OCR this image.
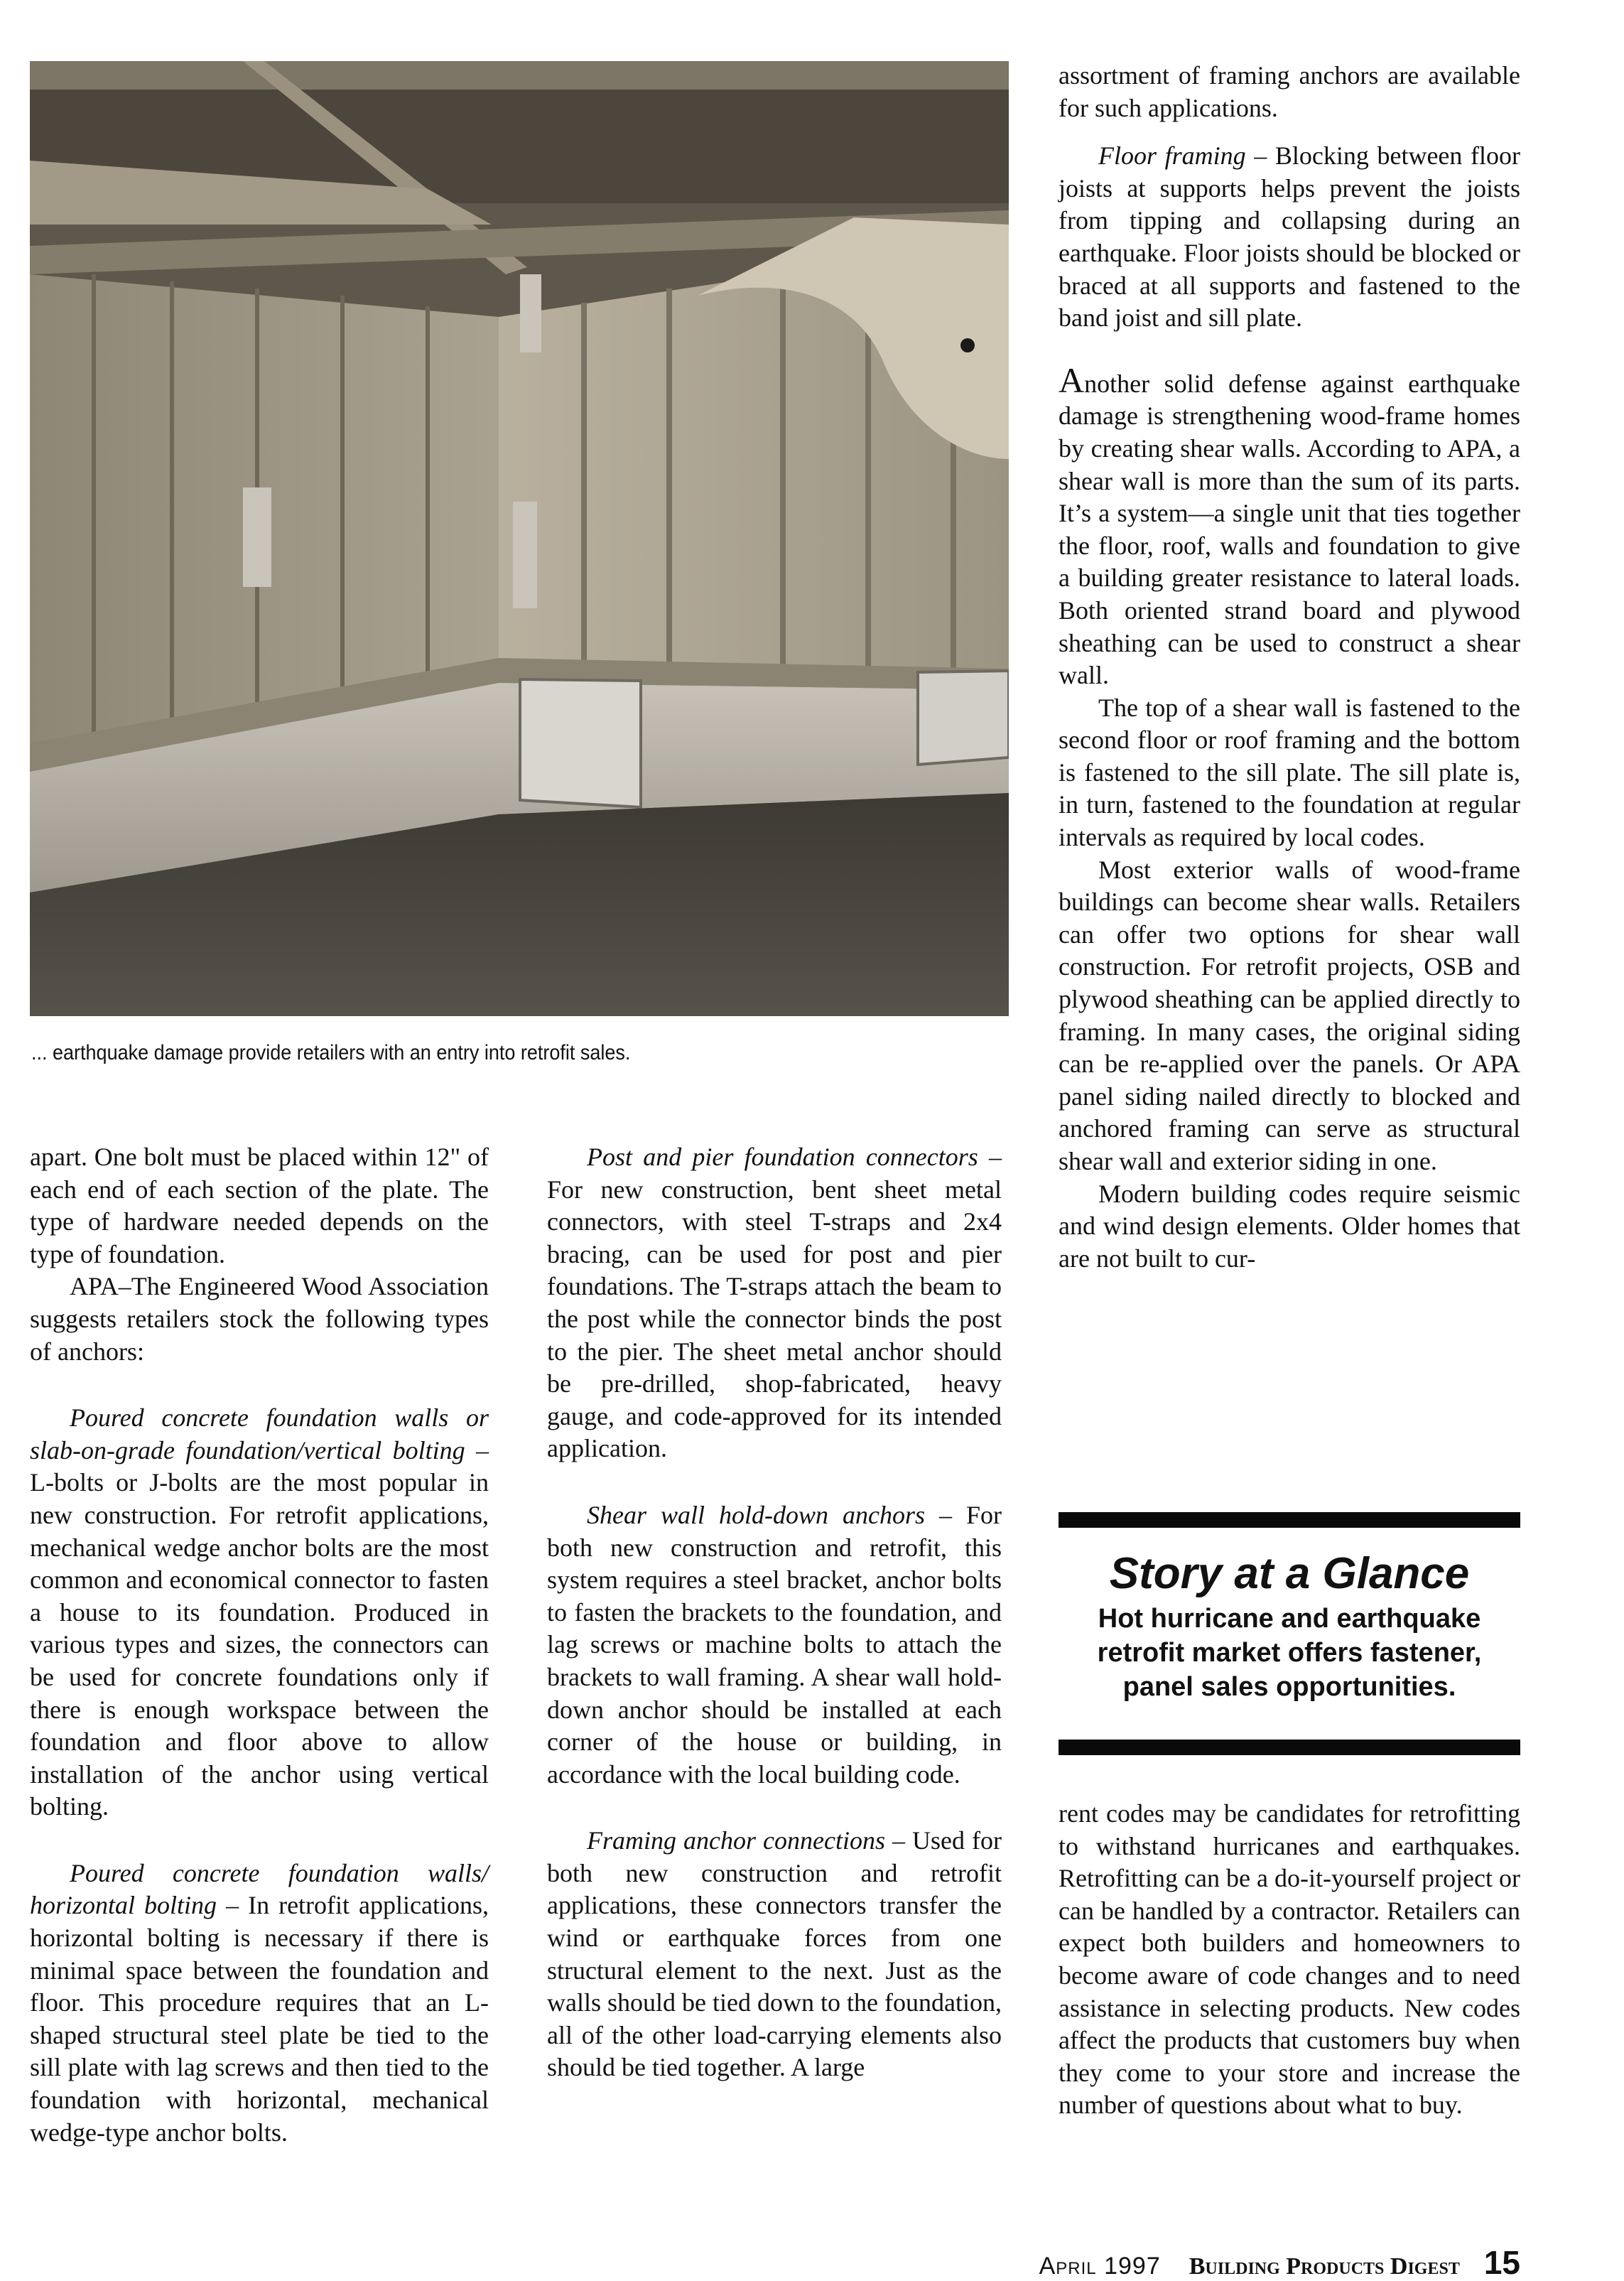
... earthquake damage provide retailers with an entry into retrofit sales.

apart. One bolt must be placed within 12" of each end of each section of the plate. The type of hardware needed depends on the type of foundation.

APA–The Engineered Wood Association suggests retailers stock the following types of anchors:

Poured concrete foundation walls or slab-on-grade foundation/vertical bolting – L-bolts or J-bolts are the most popular in new construction. For retrofit applications, mechanical wedge anchor bolts are the most common and economical connector to fasten a house to its foundation. Produced in various types and sizes, the connectors can be used for concrete foundations only if there is enough workspace between the foundation and floor above to allow installation of the anchor using vertical bolting.

Poured concrete foundation walls/ horizontal bolting – In retrofit applications, horizontal bolting is necessary if there is minimal space between the foundation and floor. This procedure requires that an L-shaped structural steel plate be tied to the sill plate with lag screws and then tied to the foundation with horizontal, mechanical wedge-type anchor bolts.

Post and pier foundation connectors – For new construction, bent sheet metal connectors, with steel T-straps and 2x4 bracing, can be used for post and pier foundations. The T-straps attach the beam to the post while the connector binds the post to the pier. The sheet metal anchor should be pre-drilled, shop-fabricated, heavy gauge, and code-approved for its intended application.

Shear wall hold-down anchors – For both new construction and retrofit, this system requires a steel bracket, anchor bolts to fasten the brackets to the foundation, and lag screws or machine bolts to attach the brackets to wall framing. A shear wall hold-down anchor should be installed at each corner of the house or building, in accordance with the local building code.

Framing anchor connections – Used for both new construction and retrofit applications, these connectors transfer the wind or earthquake forces from one structural element to the next. Just as the walls should be tied down to the foundation, all of the other load-carrying elements also should be tied together. A large

assortment of framing anchors are available for such applications.

Floor framing – Blocking between floor joists at supports helps prevent the joists from tipping and collapsing during an earthquake. Floor joists should be blocked or braced at all supports and fastened to the band joist and sill plate.

Another solid defense against earthquake damage is strengthening wood-frame homes by creating shear walls. According to APA, a shear wall is more than the sum of its parts. It’s a system—a single unit that ties together the floor, roof, walls and foundation to give a building greater resistance to lateral loads. Both oriented strand board and plywood sheathing can be used to construct a shear wall.

The top of a shear wall is fastened to the second floor or roof framing and the bottom is fastened to the sill plate. The sill plate is, in turn, fastened to the foundation at regular intervals as required by local codes.

Most exterior walls of wood-frame buildings can become shear walls. Retailers can offer two options for shear wall construction. For retrofit projects, OSB and plywood sheathing can be applied directly to framing. In many cases, the original siding can be re-applied over the panels. Or APA panel siding nailed directly to blocked and anchored framing can serve as structural shear wall and exterior siding in one.

Modern building codes require seismic and wind design elements. Older homes that are not built to cur-

Story at a Glance
Hot hurricane and earthquake retrofit market offers fastener, panel sales opportunities.

rent codes may be candidates for retrofitting to withstand hurricanes and earthquakes. Retrofitting can be a do-it-yourself project or can be handled by a contractor. Retailers can expect both builders and homeowners to become aware of code changes and to need assistance in selecting products. New codes affect the products that customers buy when they come to your store and increase the number of questions about what to buy.

April 1997 Building Products Digest 15
